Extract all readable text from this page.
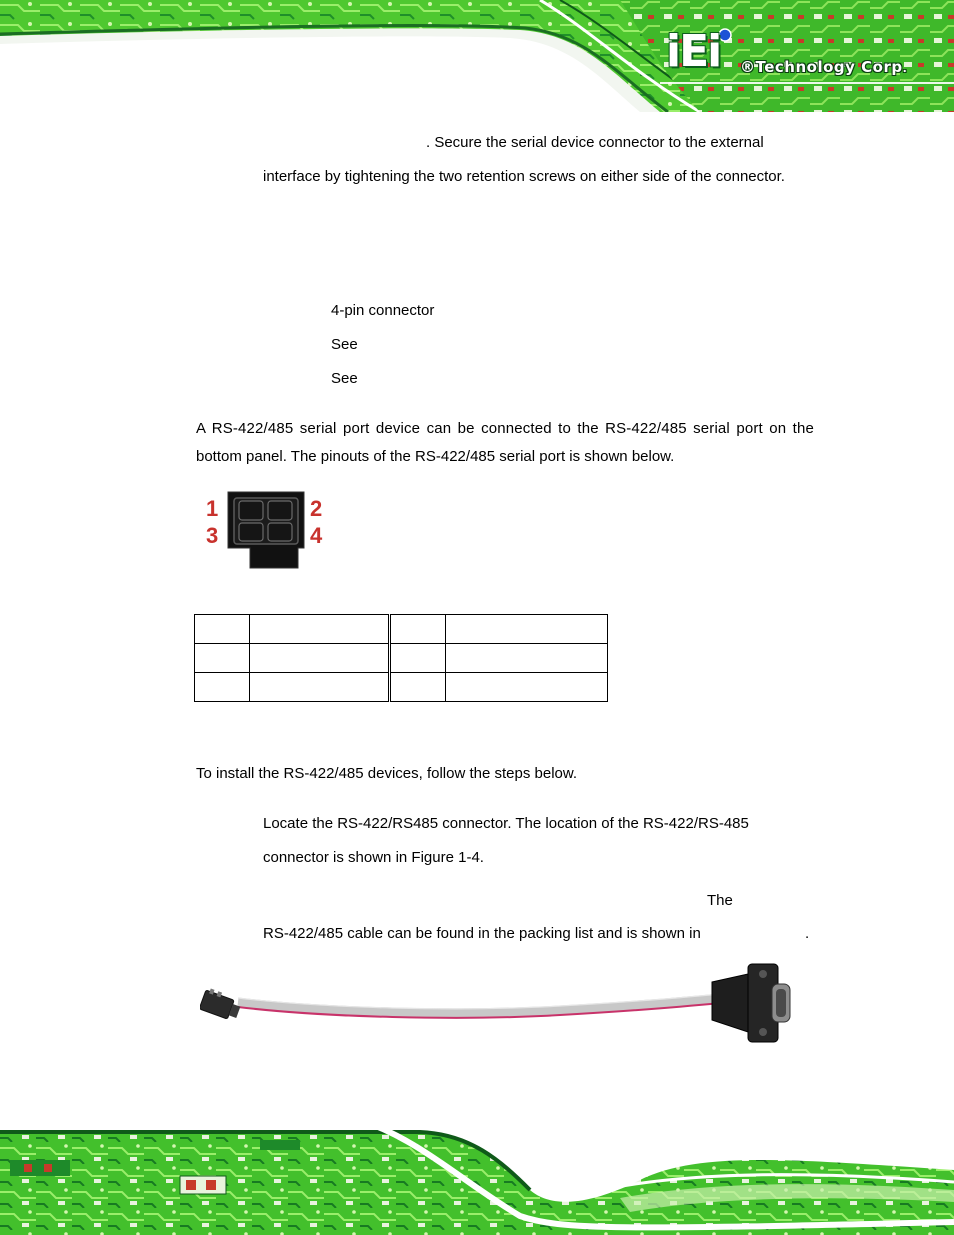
iEi ®Technology Corp.
. Secure the serial device connector to the external
interface by tightening the two retention screws on either side of the connector.
4-pin connector
See
See
A RS-422/485 serial port device can be connected to the RS-422/485 serial port on the
bottom panel. The pinouts of the RS-422/485 serial port is shown below.
1	2
3	4

To install the RS-422/485 devices, follow the steps below.
Locate the RS-422/RS485 connector. The location of the RS-422/RS-485
connector is shown in Figure 1-4.
The
RS-422/485 cable can be found in the packing list and is shown in	.
